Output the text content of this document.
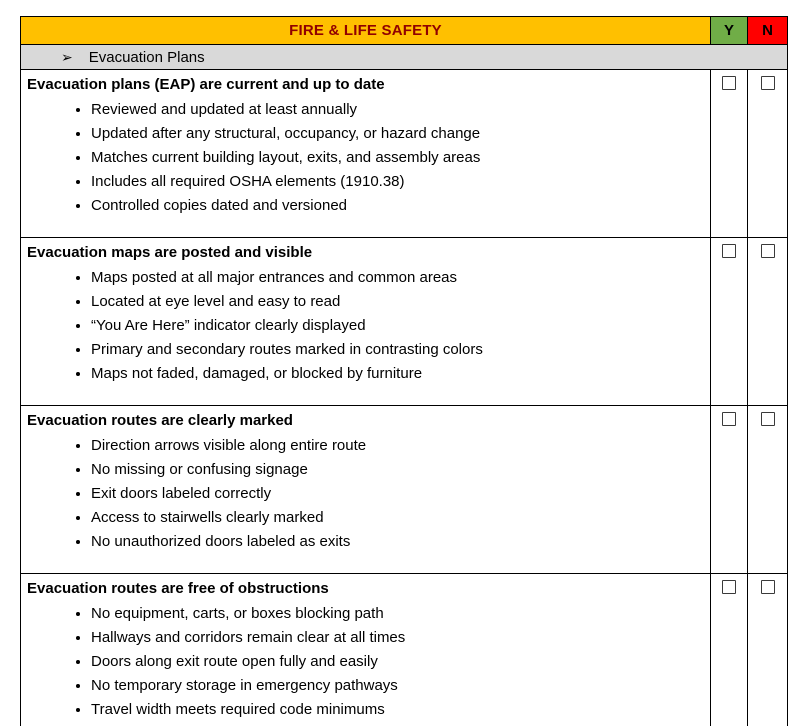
FIRE & LIFE SAFETY	Y	N
➢ Evacuation Plans		

Evacuation plans (EAP) are current and up to date
• Reviewed and updated at least annually
• Updated after any structural, occupancy, or hazard change
• Matches current building layout, exits, and assembly areas
• Includes all required OSHA elements (1910.38)
• Controlled copies dated and versioned

Evacuation maps are posted and visible
• Maps posted at all major entrances and common areas
• Located at eye level and easy to read
• “You Are Here” indicator clearly displayed
• Primary and secondary routes marked in contrasting colors
• Maps not faded, damaged, or blocked by furniture

Evacuation routes are clearly marked
• Direction arrows visible along entire route
• No missing or confusing signage
• Exit doors labeled correctly
• Access to stairwells clearly marked
• No unauthorized doors labeled as exits

Evacuation routes are free of obstructions
• No equipment, carts, or boxes blocking path
• Hallways and corridors remain clear at all times
• Doors along exit route open fully and easily
• No temporary storage in emergency pathways
• Travel width meets required code minimums
